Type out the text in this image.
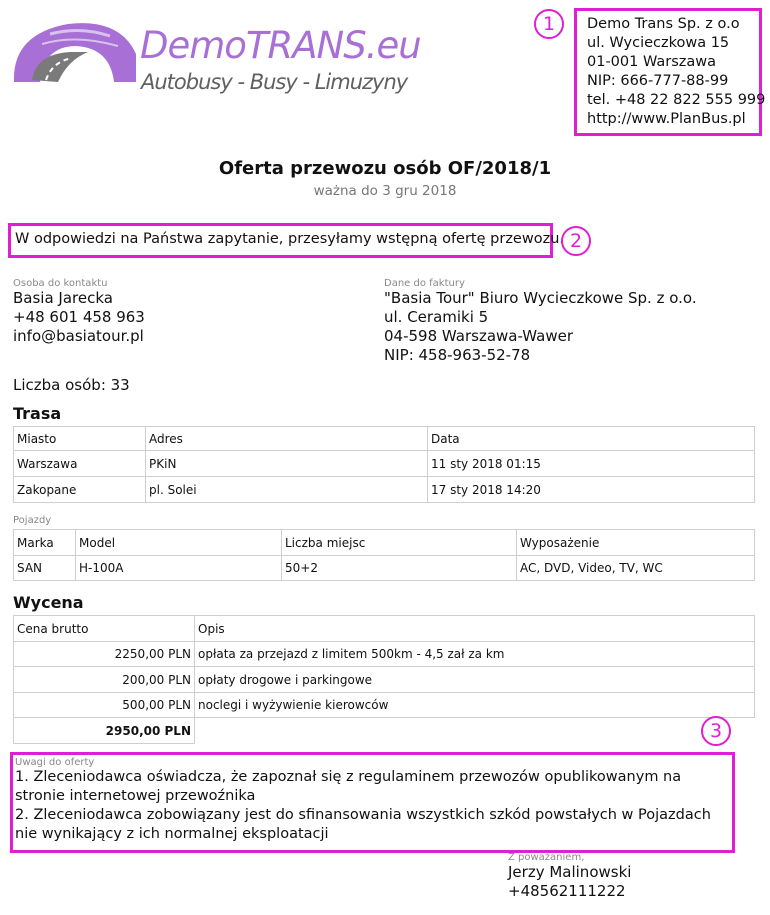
DemoTRANS.eu
Autobusy - Busy - Limuzyny
1	Demo Trans Sp. z o.o
ul. Wycieczkowa 15
01-001 Warszawa
NIP: 666-777-88-99
tel. +48 22 822 555 999
http://www.PlanBus.pl
Oferta przewozu osób OF/2018/1
ważna do 3 gru 2018
W odpowiedzi na Państwa zapytanie, przesyłamy wstępną ofertę przewozu. 2
Osoba do kontaktu
Basia Jarecka
+48 601 458 963
info@basiatour.pl
Dane do faktury
"Basia Tour" Biuro Wycieczkowe Sp. z o.o.
ul. Ceramiki 5
04-598 Warszawa-Wawer
NIP: 458-963-52-78
Liczba osób: 33
Trasa
Miasto	Adres	Data
Warszawa	PKiN	11 sty 2018 01:15
Zakopane	pl. Solei	17 sty 2018 14:20
Pojazdy
Marka	Model	Liczba miejsc	Wyposażenie
SAN	H-100A	50+2	AC, DVD, Video, TV, WC
Wycena
Cena brutto	Opis
2250,00 PLN	opłata za przejazd z limitem 500km - 4,5 zał za km
200,00 PLN	opłaty drogowe i parkingowe
500,00 PLN	noclegi i wyżywienie kierowców
2950,00 PLN		3
Uwagi do oferty
1. Zleceniodawca oświadcza, że zapoznał się z regulaminem przewozów opublikowanym na stronie internetowej przewoźnika
2. Zleceniodawca zobowiązany jest do sfinansowania wszystkich szkód powstałych w Pojazdach nie wynikający z ich normalnej eksploatacji
Z poważaniem,
Jerzy Malinowski
+48562111222
